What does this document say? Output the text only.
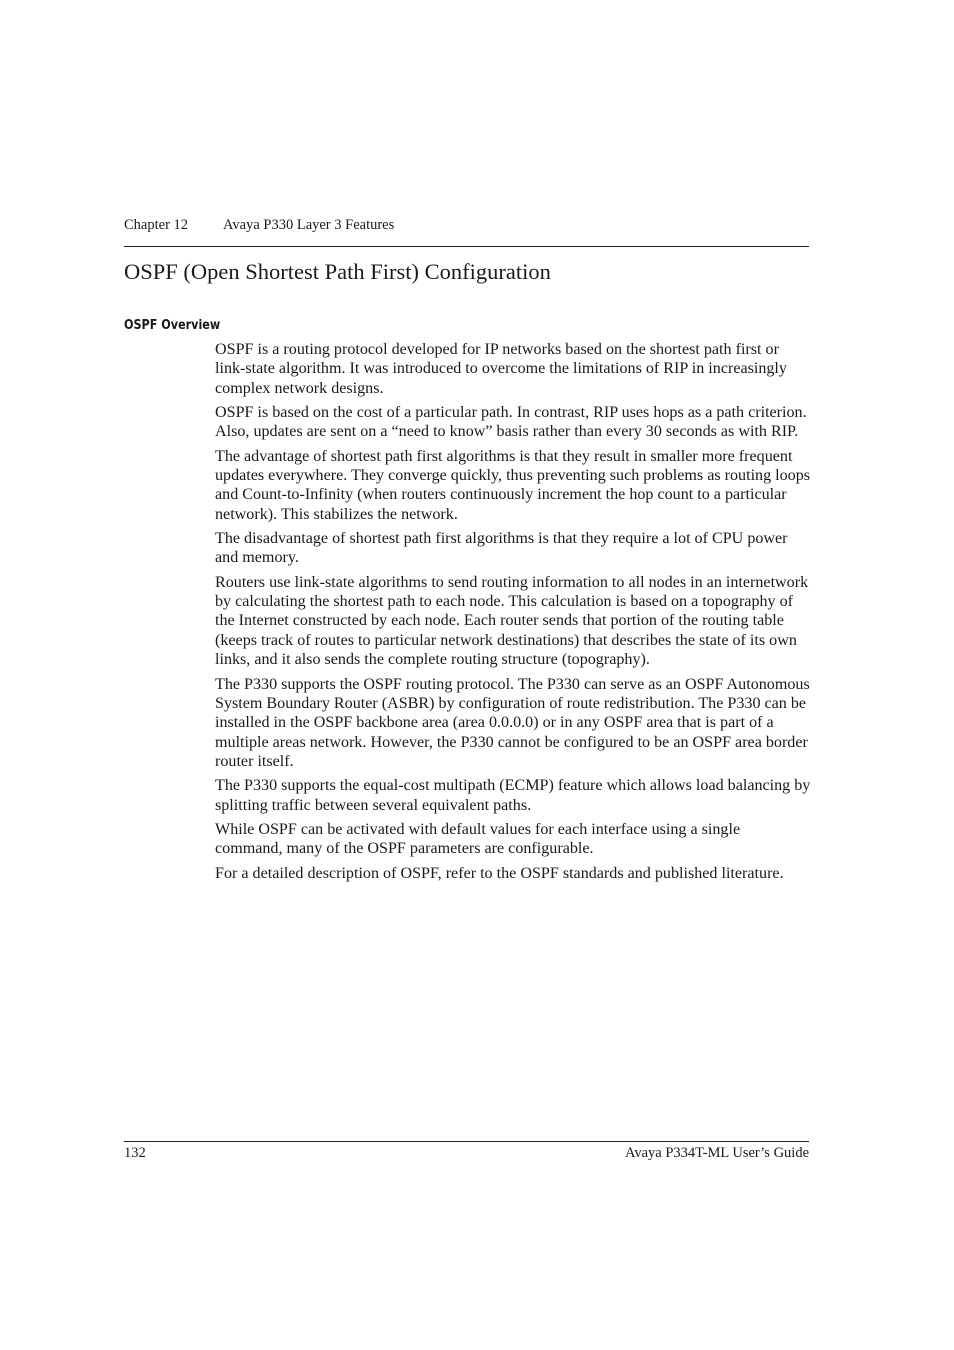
Chapter 12 Avaya P330 Layer 3 Features
OSPF (Open Shortest Path First) Configuration
OSPF Overview

OSPF is a routing protocol developed for IP networks based on the shortest path first or link-state algorithm. It was introduced to overcome the limitations of RIP in increasingly complex network designs.

OSPF is based on the cost of a particular path. In contrast, RIP uses hops as a path criterion. Also, updates are sent on a “need to know” basis rather than every 30 seconds as with RIP.

The advantage of shortest path first algorithms is that they result in smaller more frequent updates everywhere. They converge quickly, thus preventing such problems as routing loops and Count-to-Infinity (when routers continuously increment the hop count to a particular network). This stabilizes the network.

The disadvantage of shortest path first algorithms is that they require a lot of CPU power and memory.

Routers use link-state algorithms to send routing information to all nodes in an internetwork by calculating the shortest path to each node. This calculation is based on a topography of the Internet constructed by each node. Each router sends that portion of the routing table (keeps track of routes to particular network destinations) that describes the state of its own links, and it also sends the complete routing structure (topography).

The P330 supports the OSPF routing protocol. The P330 can serve as an OSPF Autonomous System Boundary Router (ASBR) by configuration of route redistribution. The P330 can be installed in the OSPF backbone area (area 0.0.0.0) or in any OSPF area that is part of a multiple areas network. However, the P330 cannot be configured to be an OSPF area border router itself.

The P330 supports the equal-cost multipath (ECMP) feature which allows load balancing by splitting traffic between several equivalent paths.

While OSPF can be activated with default values for each interface using a single command, many of the OSPF parameters are configurable.

For a detailed description of OSPF, refer to the OSPF standards and published literature.

132	Avaya P334T-ML User’s Guide
